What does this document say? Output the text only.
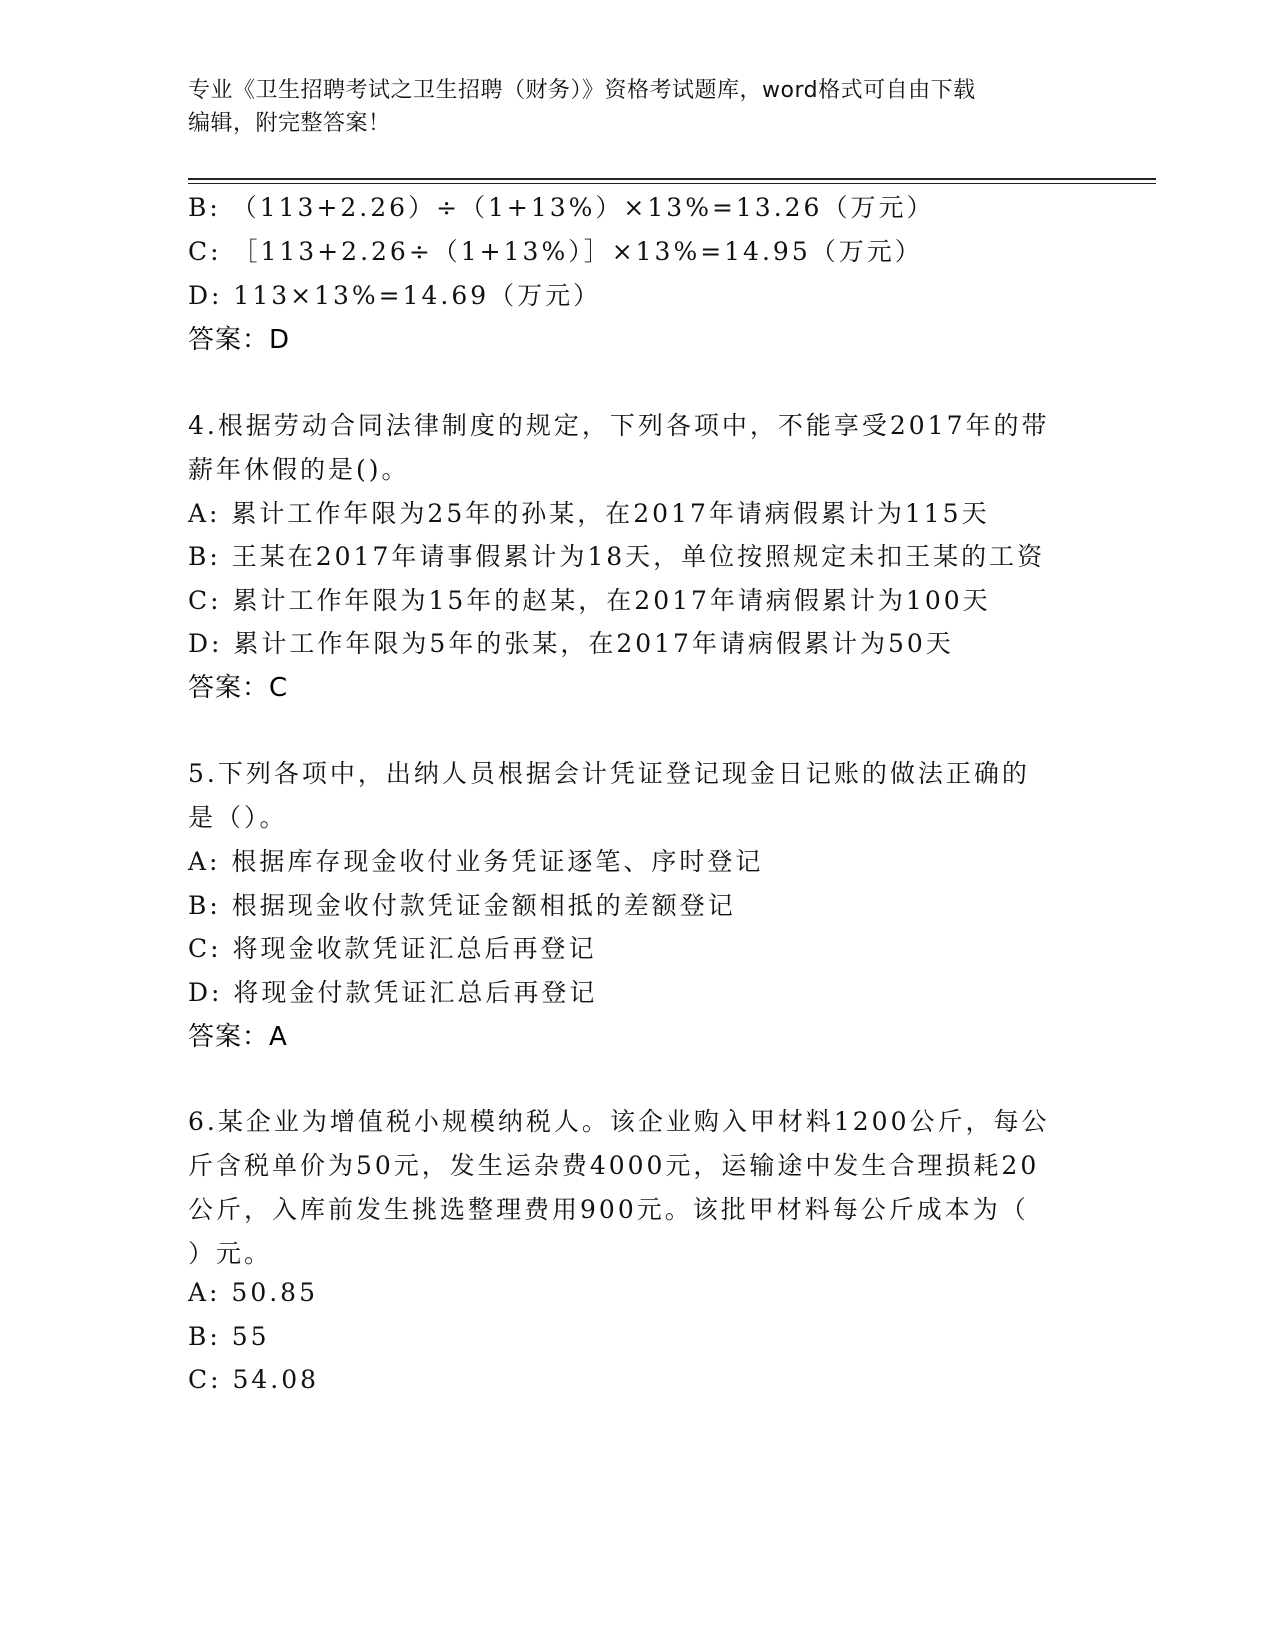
专业《卫生招聘考试之卫生招聘（财务）》资格考试题库，word格式可自由下载
编辑，附完整答案！
B: （113+2.26）÷（1+13%）×13%=13.26（万元）
C: ［113+2.26÷（1+13%）］×13%=14.95（万元）
D: 113×13%=14.69（万元）
答案：D
4.根据劳动合同法律制度的规定，下列各项中，不能享受2017年的带
薪年休假的是()。
A: 累计工作年限为25年的孙某，在2017年请病假累计为115天
B: 王某在2017年请事假累计为18天，单位按照规定未扣王某的工资
C: 累计工作年限为15年的赵某，在2017年请病假累计为100天
D: 累计工作年限为5年的张某，在2017年请病假累计为50天
答案：C
5.下列各项中，出纳人员根据会计凭证登记现金日记账的做法正确的
是（）。
A: 根据库存现金收付业务凭证逐笔、序时登记
B: 根据现金收付款凭证金额相抵的差额登记
C: 将现金收款凭证汇总后再登记
D: 将现金付款凭证汇总后再登记
答案：A
6.某企业为增值税小规模纳税人。该企业购入甲材料1200公斤，每公
斤含税单价为50元，发生运杂费4000元，运输途中发生合理损耗20
公斤，入库前发生挑选整理费用900元。该批甲材料每公斤成本为（
）元。
A: 50.85
B: 55
C: 54.08
